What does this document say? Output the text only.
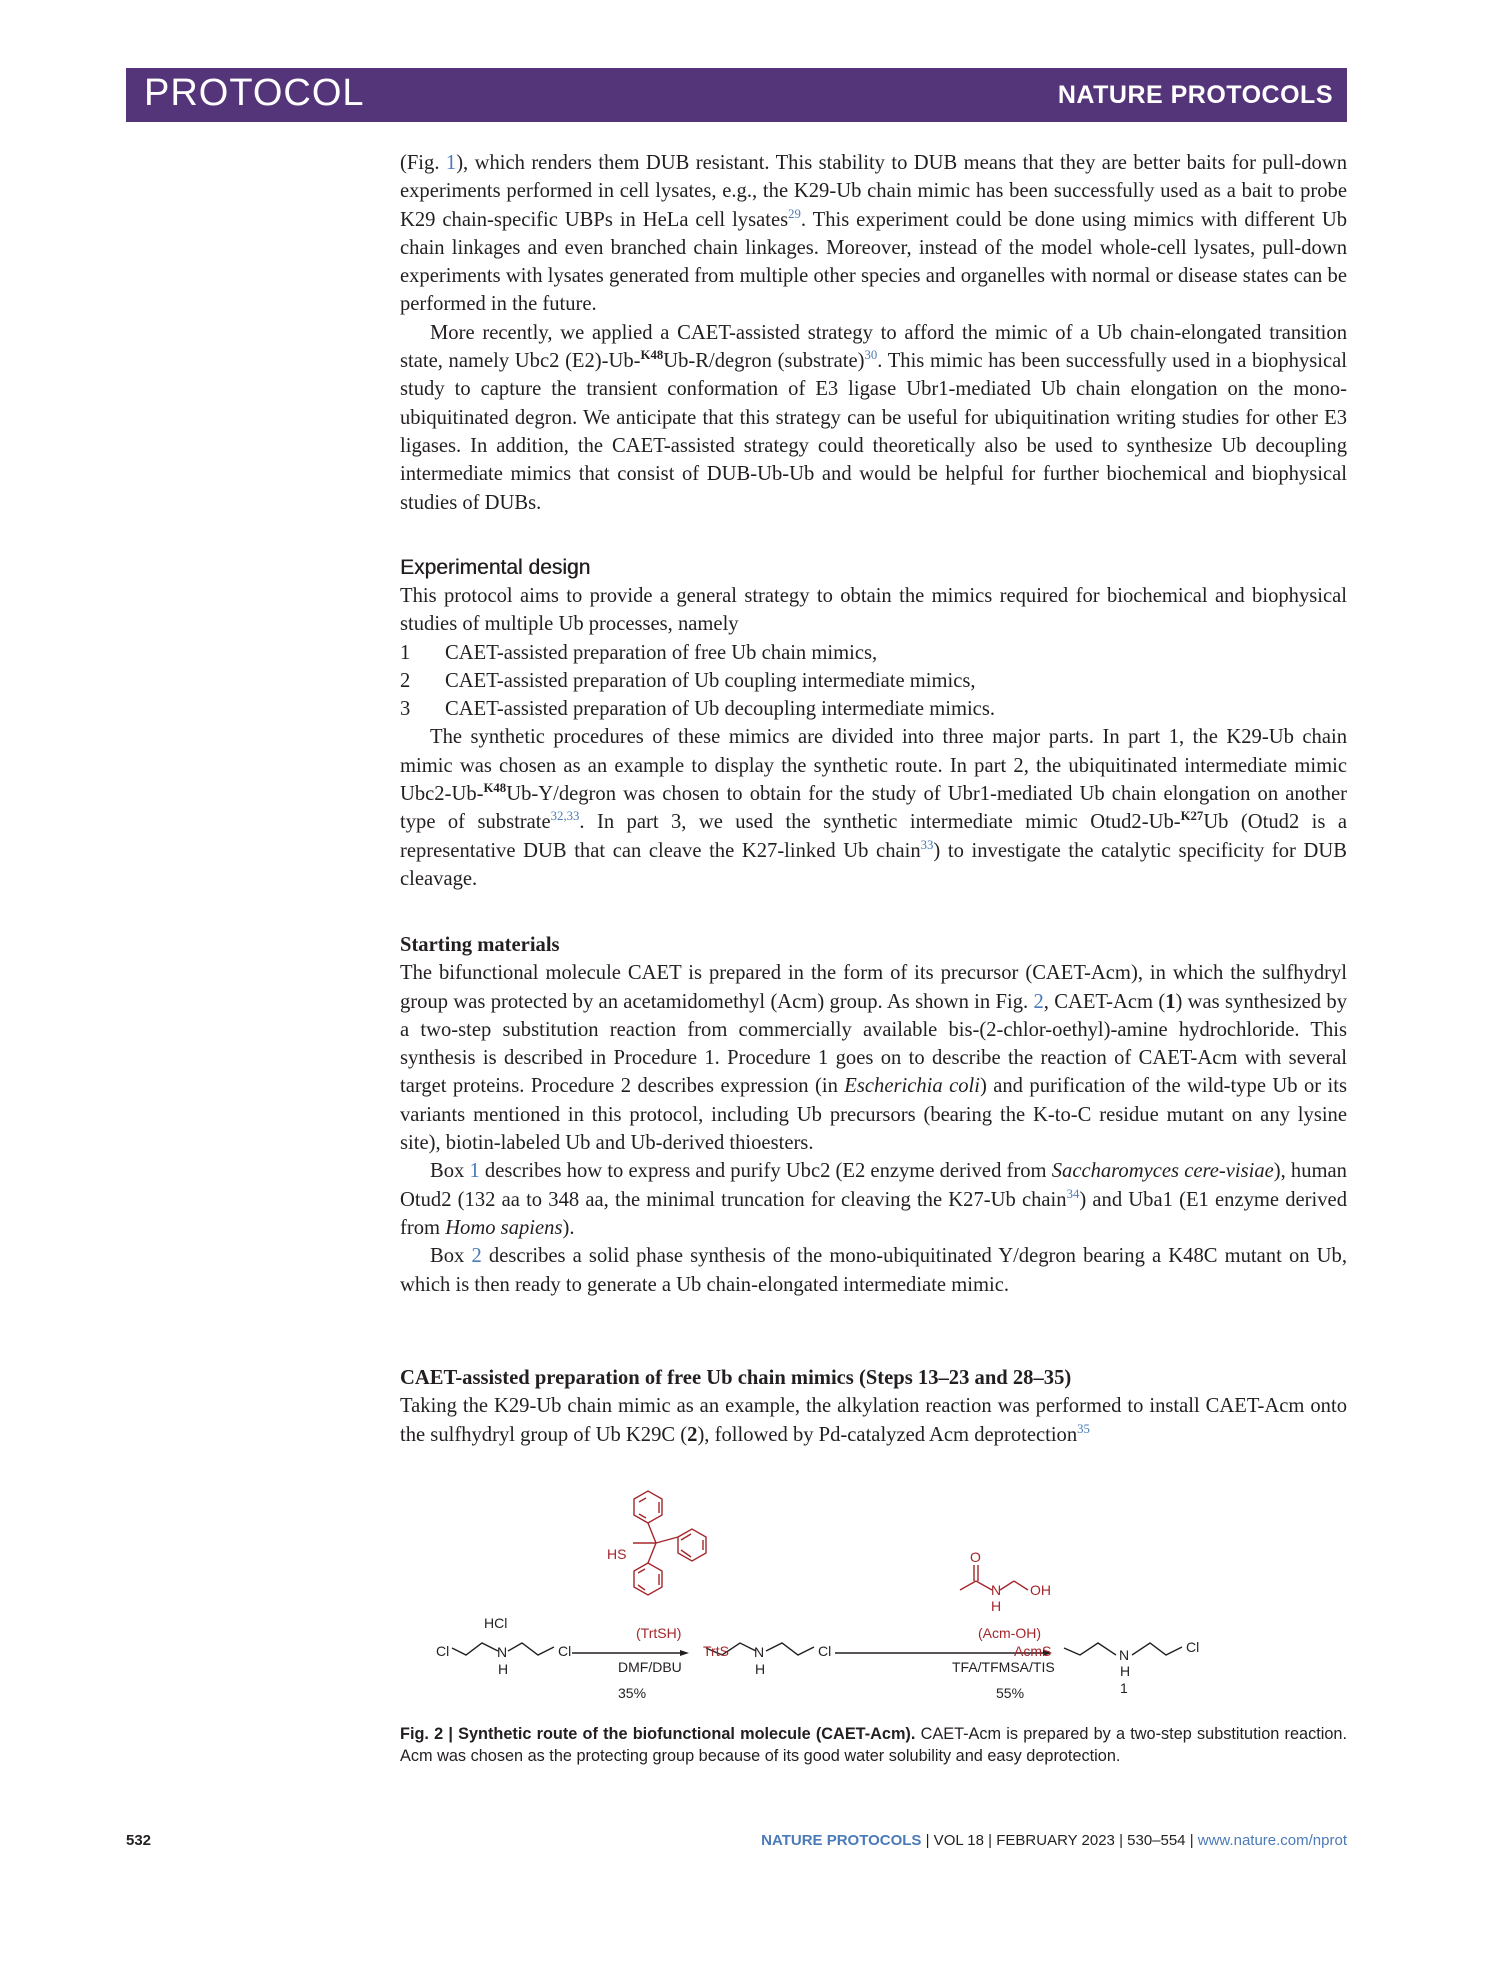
PROTOCOL	NATURE PROTOCOLS

(Fig. 1), which renders them DUB resistant. This stability to DUB means that they are better baits for pull-down experiments performed in cell lysates, e.g., the K29-Ub chain mimic has been successfully used as a bait to probe K29 chain-specific UBPs in HeLa cell lysates$^{29}$. This experiment could be done using mimics with different Ub chain linkages and even branched chain linkages. Moreover, instead of the model whole-cell lysates, pull-down experiments with lysates generated from multiple other species and organelles with normal or disease states can be performed in the future.

More recently, we applied a CAET-assisted strategy to afford the mimic of a Ub chain-elongated transition state, namely Ubc2 (E2)-Ub-$^{K48}$Ub-R/degron (substrate)$^{30}$. This mimic has been successfully used in a biophysical study to capture the transient conformation of E3 ligase Ubr1-mediated Ub chain elongation on the mono-ubiquitinated degron. We anticipate that this strategy can be useful for ubiquitination writing studies for other E3 ligases. In addition, the CAET-assisted strategy could theoretically also be used to synthesize Ub decoupling intermediate mimics that consist of DUB-Ub-Ub and would be helpful for further biochemical and biophysical studies of DUBs.

Experimental design

This protocol aims to provide a general strategy to obtain the mimics required for biochemical and biophysical studies of multiple Ub processes, namely

1 CAET-assisted preparation of free Ub chain mimics,
2 CAET-assisted preparation of Ub coupling intermediate mimics,
3 CAET-assisted preparation of Ub decoupling intermediate mimics.

The synthetic procedures of these mimics are divided into three major parts. In part 1, the K29-Ub chain mimic was chosen as an example to display the synthetic route. In part 2, the ubiquitinated intermediate mimic Ubc2-Ub-$^{K48}$Ub-Y/degron was chosen to obtain for the study of Ubr1-mediated Ub chain elongation on another type of substrate$^{32,33}$. In part 3, we used the synthetic intermediate mimic Otud2-Ub-$^{K27}$Ub (Otud2 is a representative DUB that can cleave the K27-linked Ub chain$^{33}$) to investigate the catalytic specificity for DUB cleavage.

Starting materials

The bifunctional molecule CAET is prepared in the form of its precursor (CAET-Acm), in which the sulfhydryl group was protected by an acetamidomethyl (Acm) group. As shown in Fig. 2, CAET-Acm (1) was synthesized by a two-step substitution reaction from commercially available bis-(2-chlor-oethyl)-amine hydrochloride. This synthesis is described in Procedure 1. Procedure 1 goes on to describe the reaction of CAET-Acm with several target proteins. Procedure 2 describes expression (in Escherichia coli) and purification of the wild-type Ub or its variants mentioned in this protocol, including Ub precursors (bearing the K-to-C residue mutant on any lysine site), biotin-labeled Ub and Ub-derived thioesters.

Box 1 describes how to express and purify Ubc2 (E2 enzyme derived from Saccharomyces cere-visiae), human Otud2 (132 aa to 348 aa, the minimal truncation for cleaving the K27-Ub chain$^{34}$) and Uba1 (E1 enzyme derived from Homo sapiens).

Box 2 describes a solid phase synthesis of the mono-ubiquitinated Y/degron bearing a K48C mutant on Ub, which is then ready to generate a Ub chain-elongated intermediate mimic.

CAET-assisted preparation of free Ub chain mimics (Steps 13–23 and 28–35)

Taking the K29-Ub chain mimic as an example, the alkylation reaction was performed to install CAET-Acm onto the sulfhydryl group of Ub K29C (2), followed by Pd-catalyzed Acm deprotection$^{35}$

HCl
Cl	N
H
Cl
DMF/DBU
35%
N
H
Cl
TFA/TFMSA/TIS
55%
N
H
1
Cl
HS
(TrtSH)
TrtS
O
N
H
OH
(Acm-OH)
AcmS
Fig. 2 | Synthetic route of the biofunctional molecule (CAET-Acm). CAET-Acm is prepared by a two-step substitution reaction. Acm was chosen as the protecting group because of its good water solubility and easy deprotection.
532	NATURE PROTOCOLS | VOL 18 | FEBRUARY 2023 | 530–554 | www.nature.com/nprot
